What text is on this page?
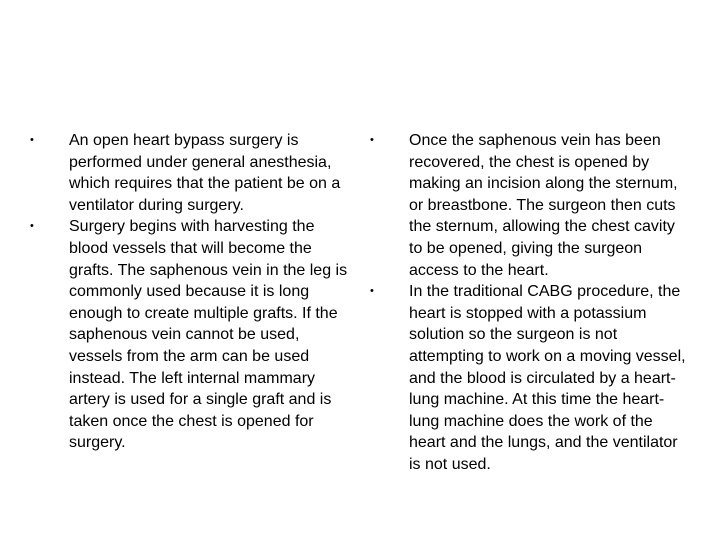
•	An open heart bypass surgery is performed under general anesthesia, which requires that the patient be on a ventilator during surgery.
•	Surgery begins with harvesting the blood vessels that will become the grafts. The saphenous vein in the leg is commonly used because it is long enough to create multiple grafts. If the saphenous vein cannot be used, vessels from the arm can be used instead. The left internal mammary artery is used for a single graft and is taken once the chest is opened for surgery.
•	Once the saphenous vein has been recovered, the chest is opened by making an incision along the sternum, or breastbone. The surgeon then cuts the sternum, allowing the chest cavity to be opened, giving the surgeon access to the heart.
•	In the traditional CABG procedure, the heart is stopped with a potassium solution so the surgeon is not attempting to work on a moving vessel, and the blood is circulated by a heart-lung machine. At this time the heart-lung machine does the work of the heart and the lungs, and the ventilator is not used.
